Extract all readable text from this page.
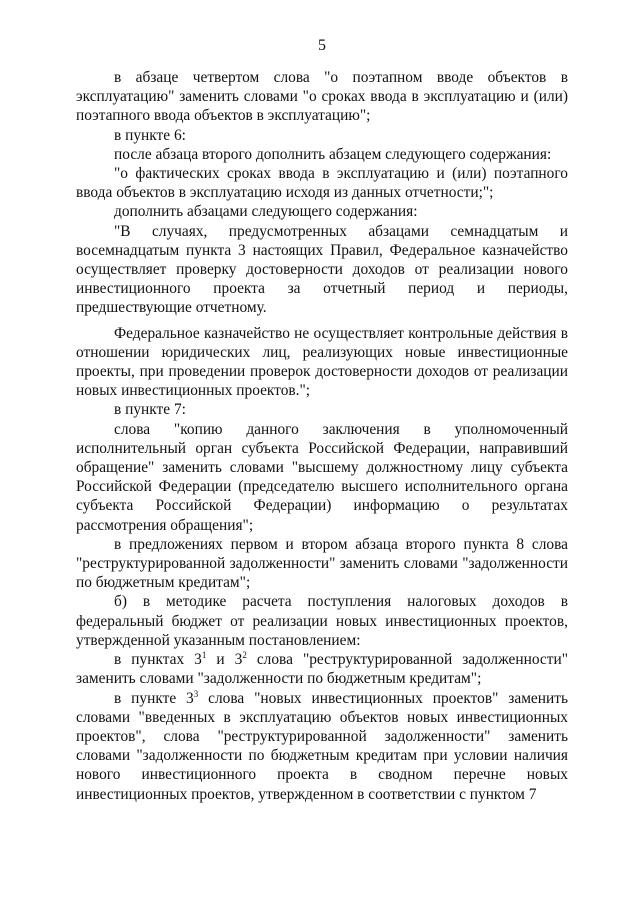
5

в абзаце четвертом слова "о поэтапном вводе объектов в эксплуатацию" заменить словами "о сроках ввода в эксплуатацию и (или) поэтапного ввода объектов в эксплуатацию";

в пункте 6:

после абзаца второго дополнить абзацем следующего содержания:

"о фактических сроках ввода в эксплуатацию и (или) поэтапного ввода объектов в эксплуатацию исходя из данных отчетности;";

дополнить абзацами следующего содержания:

"В случаях, предусмотренных абзацами семнадцатым и восемнадцатым пункта 3 настоящих Правил, Федеральное казначейство осуществляет проверку достоверности доходов от реализации нового инвестиционного проекта за отчетный период и периоды, предшествующие отчетному.

Федеральное казначейство не осуществляет контрольные действия в отношении юридических лиц, реализующих новые инвестиционные проекты, при проведении проверок достоверности доходов от реализации новых инвестиционных проектов.";

в пункте 7:

слова "копию данного заключения в уполномоченный исполнительный орган субъекта Российской Федерации, направивший обращение" заменить словами "высшему должностному лицу субъекта Российской Федерации (председателю высшего исполнительного органа субъекта Российской Федерации) информацию о результатах рассмотрения обращения";

в предложениях первом и втором абзаца второго пункта 8 слова "реструктурированной задолженности" заменить словами "задолженности по бюджетным кредитам";

б) в методике расчета поступления налоговых доходов в федеральный бюджет от реализации новых инвестиционных проектов, утвержденной указанным постановлением:

в пунктах $3^1$ и $3^2$ слова "реструктурированной задолженности" заменить словами "задолженности по бюджетным кредитам";

в пункте $3^3$ слова "новых инвестиционных проектов" заменить словами "введенных в эксплуатацию объектов новых инвестиционных проектов", слова "реструктурированной задолженности" заменить словами "задолженности по бюджетным кредитам при условии наличия нового инвестиционного проекта в сводном перечне новых инвестиционных проектов, утвержденном в соответствии с пунктом 7
